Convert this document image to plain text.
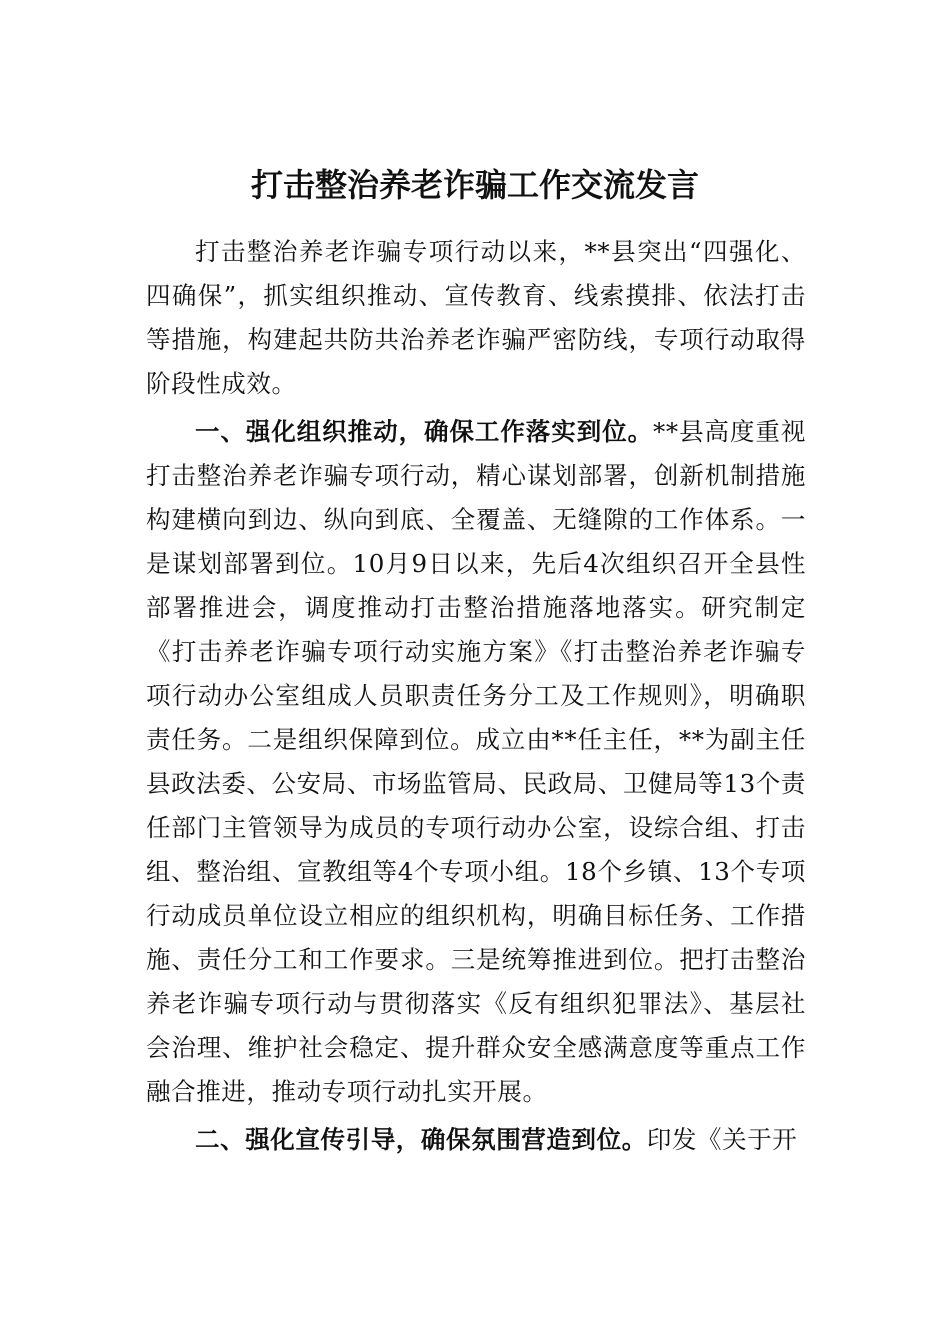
打击整治养老诈骗工作交流发言

打击整治养老诈骗专项行动以来，**县突出“四强化、四确保”，抓实组织推动、宣传教育、线索摸排、依法打击等措施，构建起共防共治养老诈骗严密防线，专项行动取得阶段性成效。

一、强化组织推动，确保工作落实到位。**县高度重视打击整治养老诈骗专项行动，精心谋划部署，创新机制措施构建横向到边、纵向到底、全覆盖、无缝隙的工作体系。一是谋划部署到位。10月9日以来，先后4次组织召开全县性部署推进会，调度推动打击整治措施落地落实。研究制定《打击养老诈骗专项行动实施方案》《打击整治养老诈骗专项行动办公室组成人员职责任务分工及工作规则》，明确职责任务。二是组织保障到位。成立由**任主任，**为副主任县政法委、公安局、市场监管局、民政局、卫健局等13个责任部门主管领导为成员的专项行动办公室，设综合组、打击组、整治组、宣教组等4个专项小组。18个乡镇、13个专项行动成员单位设立相应的组织机构，明确目标任务、工作措施、责任分工和工作要求。三是统筹推进到位。把打击整治养老诈骗专项行动与贯彻落实《反有组织犯罪法》、基层社会治理、维护社会稳定、提升群众安全感满意度等重点工作融合推进，推动专项行动扎实开展。

二、强化宣传引导，确保氛围营造到位。印发《关于开
